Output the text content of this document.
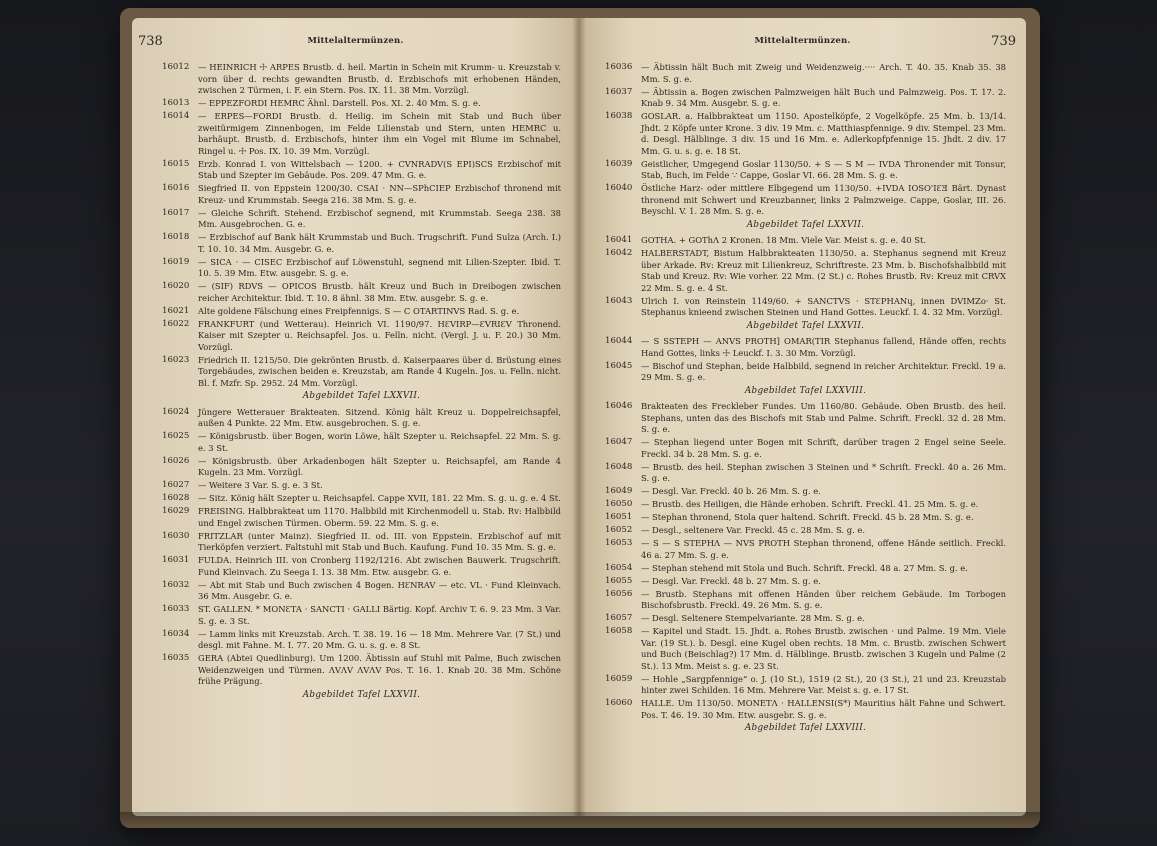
738	Mittelaltermünzen.
16012	— HEINRICH ☩ ARPES Brustb. d. heil. Martin in Schein mit Krumm- u. Kreuzstab v. vorn über d. rechts gewandten Brustb. d. Erzbischofs mit erhobenen Händen, zwischen 2 Türmen, i. F. ein Stern. Pos. IX. 11. 38 Mm. Vorzügl.
16013	— EPPEZFORDI HEMRC Ähnl. Darstell. Pos. XI. 2. 40 Mm. S. g. e.
16014	— ERPES—FORDI Brustb. d. Heilig. im Schein mit Stab und Buch über zweitürmigem Zinnenbogen, im Felde Lilienstab und Stern, unten HEMRC u. barhäupt. Brustb. d. Erzbischofs, hinter ihm ein Vogel mit Blume im Schnabel, Ringel u. ☩ Pos. IX. 10. 39 Mm. Vorzügl.
16015	Erzb. Konrad I. von Wittelsbach — 1200. + CVNRADV(S EPI)SCS Erzbischof mit Stab und Szepter im Gebäude. Pos. 209. 47 Mm. G. e.
16016	Siegfried II. von Eppstein 1200/30. CSAI · NN—SPhCIEP Erzbischof thronend mit Kreuz- und Krummstab. Seega 216. 38 Mm. S. g. e.
16017	— Gleiche Schrift. Stehend. Erzbischof segnend, mit Krummstab. Seega 238. 38 Mm. Ausgebrochen. G. e.
16018	— Erzbischof auf Bank hält Krummstab und Buch. Trugschrift. Fund Sulza (Arch. I.) T. 10. 10. 34 Mm. Ausgebr. G. e.
16019	— SICA · — CISEC Erzbischof auf Löwenstuhl, segnend mit Lilien-Szepter. Ibid. T. 10. 5. 39 Mm. Etw. ausgebr. S. g. e.
16020	— (SIF) RDVS — OPICOS Brustb. hält Kreuz und Buch in Dreibogen zwischen reicher Architektur. Ibid. T. 10. 8 ähnl. 38 Mm. Etw. ausgebr. S. g. e.
16021	Alte goldene Fälschung eines Freipfennigs. S — C OTARTINVS Rad. S. g. e.
16022	FRANKFURT (und Wetterau). Heinrich VI. 1190/97. HƐVIRP—ƐVRIƐV Thronend. Kaiser mit Szepter u. Reichsapfel. Jos. u. Felln. nicht. (Vergl. J. u. F. 20.) 30 Mm. Vorzügl.
16023	Friedrich II. 1215/50. Die gekrönten Brustb. d. Kaiserpaares über d. Brüstung eines Torgebäudes, zwischen beiden e. Kreuzstab, am Rande 4 Kugeln. Jos. u. Felln. nicht. Bl. f. Mzfr. Sp. 2952. 24 Mm. Vorzügl.
Abgebildet Tafel LXXVII.
16024	Jüngere Wetterauer Brakteaten. Sitzend. König hält Kreuz u. Doppelreichsapfel, außen 4 Punkte. 22 Mm. Etw. ausgebrochen. S. g. e.
16025	— Königsbrustb. über Bogen, worin Löwe, hält Szepter u. Reichsapfel. 22 Mm. S. g. e. 3 St.
16026	— Königsbrustb. über Arkadenbogen hält Szepter u. Reichsapfel, am Rande 4 Kugeln. 23 Mm. Vorzügl.
16027	— Weitere 3 Var. S. g. e. 3 St.
16028	— Sitz. König hält Szepter u. Reichsapfel. Cappe XVII, 181. 22 Mm. S. g. u. g. e. 4 St.
16029	FREISING. Halbbrakteat um 1170. Halbbild mit Kirchenmodell u. Stab. Rv: Halbbild und Engel zwischen Türmen. Oberm. 59. 22 Mm. S. g. e.
16030	FRITZLAR (unter Mainz). Siegfried II. od. III. von Eppstein. Erzbischof auf mit Tierköpfen verziert. Faltstuhl mit Stab und Buch. Kaufung. Fund 10. 35 Mm. S. g. e.
16031	FULDA. Heinrich III. von Cronberg 1192/1216. Abt zwischen Bauwerk. Trugschrift. Fund Kleinvach. Zu Seega I. 13. 38 Mm. Etw. ausgebr. G. e.
16032	— Abt mit Stab und Buch zwischen 4 Bogen. HƐNRAV — etc. VL · Fund Kleinvach. 36 Mm. Ausgebr. G. e.
16033	ST. GALLEN. * MONƐTA · SANCTI · GALLI Bärtig. Kopf. Archiv T. 6. 9. 23 Mm. 3 Var. S. g. e. 3 St.
16034	— Lamm links mit Kreuzstab. Arch. T. 38. 19. 16 — 18 Mm. Mehrere Var. (7 St.) und desgl. mit Fahne. M. I. 77. 20 Mm. G. u. s. g. e. 8 St.
16035	GERA (Abtei Quedlinburg). Um 1200. Äbtissin auf Stuhl mit Palme, Buch zwischen Weidenzweigen und Türmen. ΛVΛV ΛVΛV Pos. T. 16. 1. Knab 20. 38 Mm. Schöne frühe Prägung.
Abgebildet Tafel LXXVII.
Mittelaltermünzen.	739
16036	— Äbtissin hält Buch mit Zweig und Weidenzweig.···· Arch. T. 40. 35. Knab 35. 38 Mm. S. g. e.
16037	— Äbtissin a. Bogen zwischen Palmzweigen hält Buch und Palmzweig. Pos. T. 17. 2. Knab 9. 34 Mm. Ausgebr. S. g. e.
16038	GOSLAR. a. Halbbrakteat um 1150. Apostelköpfe, 2 Vogelköpfe. 25 Mm. b. 13/14. Jhdt. 2 Köpfe unter Krone. 3 div. 19 Mm. c. Matthiaspfennige. 9 div. Stempel. 23 Mm. d. Desgl. Hälblinge. 3 div. 15 und 16 Mm. e. Adlerkopfpfennige 15. Jhdt. 2 div. 17 Mm. G. u. s. g. e. 18 St.
16039	Geistlicher, Umgegend Goslar 1130/50. + S — S M — IVDA Thronender mit Tonsur, Stab, Buch, im Felde ∵ Cappe, Goslar VI. 66. 28 Mm. S. g. e.
16040	Östliche Harz- oder mittlere Elbgegend um 1130/50. +IVDA IOSO'IƐƎ Bärt. Dynast thronend mit Schwert und Kreuzbanner, links 2 Palmzweige. Cappe, Goslar, III. 26. Beyschl. V. 1. 28 Mm. S. g. e.
Abgebildet Tafel LXXVII.
16041	GOTHA. + GOThΛ 2 Kronen. 18 Mm. Viele Var. Meist s. g. e. 40 St.
16042	HALBERSTADT, Bistum Halbbrakteaten 1130/50. a. Stephanus segnend mit Kreuz über Arkade. Rv: Kreuz mit Lilienkreuz, Schriftreste. 23 Mm. b. Bischofshalbbild mit Stab und Kreuz. Rv: Wie vorher. 22 Mm. (2 St.) c. Rohes Brustb. Rv: Kreuz mit CRVX 22 Mm. S. g. e. 4 St.
16043	Ulrich I. von Reinstein 1149/60. + SANCTVS · STƐPHANɥ, innen DVIMZo· St. Stephanus knieend zwischen Steinen und Hand Gottes. Leuckf. I. 4. 32 Mm. Vorzügl.
Abgebildet Tafel LXXVII.
16044	— S SSTEPH — ANVS PROTH] OMAR(TIR Stephanus fallend, Hände offen, rechts Hand Gottes, links ☩ Leuckf. I. 3. 30 Mm. Vorzügl.
16045	— Bischof und Stephan, beide Halbbild, segnend in reicher Architektur. Freckl. 19 a. 29 Mm. S. g. e.
Abgebildet Tafel LXXVIII.
16046	Brakteaten des Freckleber Fundes. Um 1160/80. Gebäude. Oben Brustb. des heil. Stephans, unten das des Bischofs mit Stab und Palme. Schrift. Freckl. 32 d. 28 Mm. S. g. e.
16047	— Stephan liegend unter Bogen mit Schrift, darüber tragen 2 Engel seine Seele. Freckl. 34 b. 28 Mm. S. g. e.
16048	— Brustb. des heil. Stephan zwischen 3 Steinen und * Schrift. Freckl. 40 a. 26 Mm. S. g. e.
16049	— Desgl. Var. Freckl. 40 b. 26 Mm. S. g. e.
16050	— Brustb. des Heiligen, die Hände erhoben. Schrift. Freckl. 41. 25 Mm. S. g. e.
16051	— Stephan thronend, Stola quer haltend. Schrift. Freckl. 45 b. 28 Mm. S. g. e.
16052	— Desgl., seltenere Var. Freckl. 45 c. 28 Mm. S. g. e.
16053	— S — S STEPHΛ — NVS PROTH Stephan thronend, offene Hände seitlich. Freckl. 46 a. 27 Mm. S. g. e.
16054	— Stephan stehend mit Stola und Buch. Schrift. Freckl. 48 a. 27 Mm. S. g. e.
16055	— Desgl. Var. Freckl. 48 b. 27 Mm. S. g. e.
16056	— Brustb. Stephans mit offenen Händen über reichem Gebäude. Im Torbogen Bischofsbrustb. Freckl. 49. 26 Mm. S. g. e.
16057	— Desgl. Seltenere Stempelvariante. 28 Mm. S. g. e.
16058	— Kapitel und Stadt. 15. Jhdt. a. Rohes Brustb. zwischen · und Palme. 19 Mm. Viele Var. (19 St.). b. Desgl. eine Kugel oben rechts. 18 Mm. c. Brustb. zwischen Schwert und Buch (Beischlag?) 17 Mm. d. Hälblinge. Brustb. zwischen 3 Kugeln und Palme (2 St.). 13 Mm. Meist s. g. e. 23 St.
16059	— Hohle „Sargpfennige“ o. J. (10 St.), 1519 (2 St.), 20 (3 St.), 21 und 23. Kreuzstab hinter zwei Schilden. 16 Mm. Mehrere Var. Meist s. g. e. 17 St.
16060	HALLE. Um 1130/50. MONETΛ · HALLENSI(S*) Mauritius hält Fahne und Schwert. Pos. T. 46. 19. 30 Mm. Etw. ausgebr. S. g. e.
Abgebildet Tafel LXXVIII.
